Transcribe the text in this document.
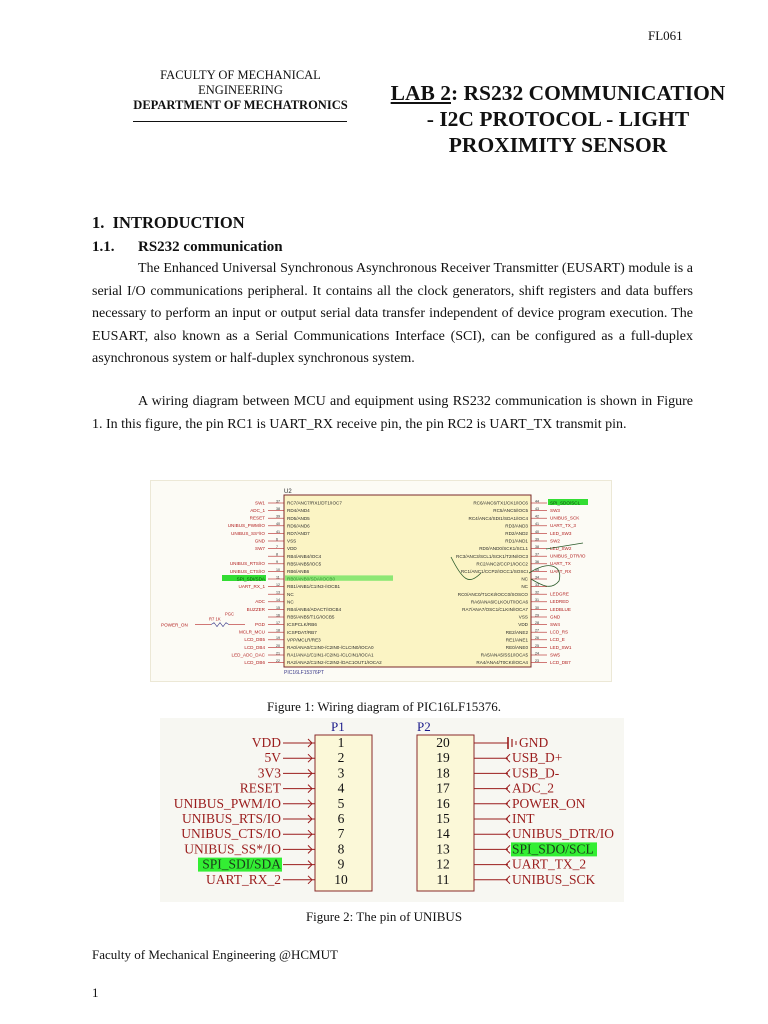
FL061
FACULTY OF MECHANICAL
ENGINEERING
DEPARTMENT OF MECHATRONICS	LAB 2: RS232 COMMUNICATION
- I2C PROTOCOL - LIGHT
PROXIMITY SENSOR
1. INTRODUCTION
1.1. RS232 communication
The Enhanced Universal Synchronous Asynchronous Receiver Transmitter (EUSART) module is a serial I/O communications peripheral. It contains all the clock generators, shift registers and data buffers necessary to perform an input or output serial data transfer independent of device program execution. The EUSART, also known as a Serial Communications Interface (SCI), can be configured as a full-duplex asynchronous system or half-duplex synchronous system.
A wiring diagram between MCU and equipment using RS232 communication is shown in Figure 1. In this figure, the pin RC1 is UART_RX receive pin, the pin RC2 is UART_TX transmit pin.
U2
PIC16LF15376PT
RC7/ANC7/RX1/DT1/IOC7
37
SW1
RD4/AND4
38
ADC_1
RD5/AND5
39
RESET
RD6/AND6
40
UNIBUS_PWM/IO
RD7/AND7
41
UNIBUS_SS*/IO
VSS
6
GND
VDD
7
SW7
RB4/ANB4/IOC4
8
RB5/ANB5/IOC5
9
UNIBUS_RTS/IO
RB6/ANB6
10
UNIBUS_CTS/IO
11
SPI_SDI/SDA
RB1/ANB1/C1IN3-/IOCB1
12
UART_RX_1
NC
13
NC
14
ADC
RB4/ANB4/ADACT/IOCB4
15
BUZZER
RB5/ANB5/T1G/IOCB5
16
ICSPCLK/RB6
17
PGD
ICSPDAT/RB7
18
MCLR_MCU
VPP/MCLR/RE3
19
LCD_DB5
RA0/ANA0/C1IN0-/C2IN0-/CLCIN0/IOCA0
20
LCD_DB4
RA1/ANA1/C1IN1-/C2IN1-/CLCIN1/IOCA1
21
LED_ADC_DAC
RA2/ANA2/C1IN2-/C2IN2-/DAC1OUT1/IOCA2
22
LCD_DB6
RC6/ANC6/TX1/CK1/IOC6 44 SPI_SDO/SCL
RC5/ANC5/IOC5 43 SW3
RC4/ANC4/SDI1/SDA1/IOC4 42 UNIBUS_SCK
RD3/AND3 41 UART_TX_3
RD2/AND2 40 LED_SW3
RD1/AND1 39 SW2
RD0/AND0/SCK1/SCL1 38 LED_SW2
RC3/ANC3/SCL1/SCK1/T2IN/IOC3 37 UNIBUS_DTR/IO
RC2/ANC2/CCP1/IOCC2 36 UART_TX
RC1/ANC1/CCP2/IOCC1/SOSCI 35 UART_RX
NC 34
NC 33
RC0/ANC0/T1CKI/IOCC0/SOSCO 32 LEDGRE
RA6/ANA6/CLKOUT/IOCA6 31 LEDRED
RA7/ANA7/OSC1/CLKIN/IOCA7 30 LEDBLUE
VSS 29 GND
VDD 28 SW4
RE2/ANE2 27 LCD_RS
RE1/ANE1 26 LCD_E
RE0/ANE0 25 LED_SW1
RA5/ANA5/SS1/IOCA5 24 SW5
RA4/ANA4/T0CKI/IOCA4 23 LCD_DB7
POWER_ON
R7 1K
PGC
Figure 1: Wiring diagram of PIC16LF15376.
P1	P2
VDD	1	20	GND
5V	2	19	USB_D+
3V3	3	18	USB_D-
RESET	4	17	ADC_2
UNIBUS_PWM/IO	5	16	POWER_ON
UNIBUS_RTS/IO	6	15	INT
UNIBUS_CTS/IO	7	14	UNIBUS_DTR/IO
UNIBUS_SS*/IO	8	13	SPI_SDO/SCL
SPI_SDI/SDA	9	12	UART_TX_2
UART_RX_2	10	11	UNIBUS_SCK
Figure 2: The pin of UNIBUS
Faculty of Mechanical Engineering @HCMUT
1
